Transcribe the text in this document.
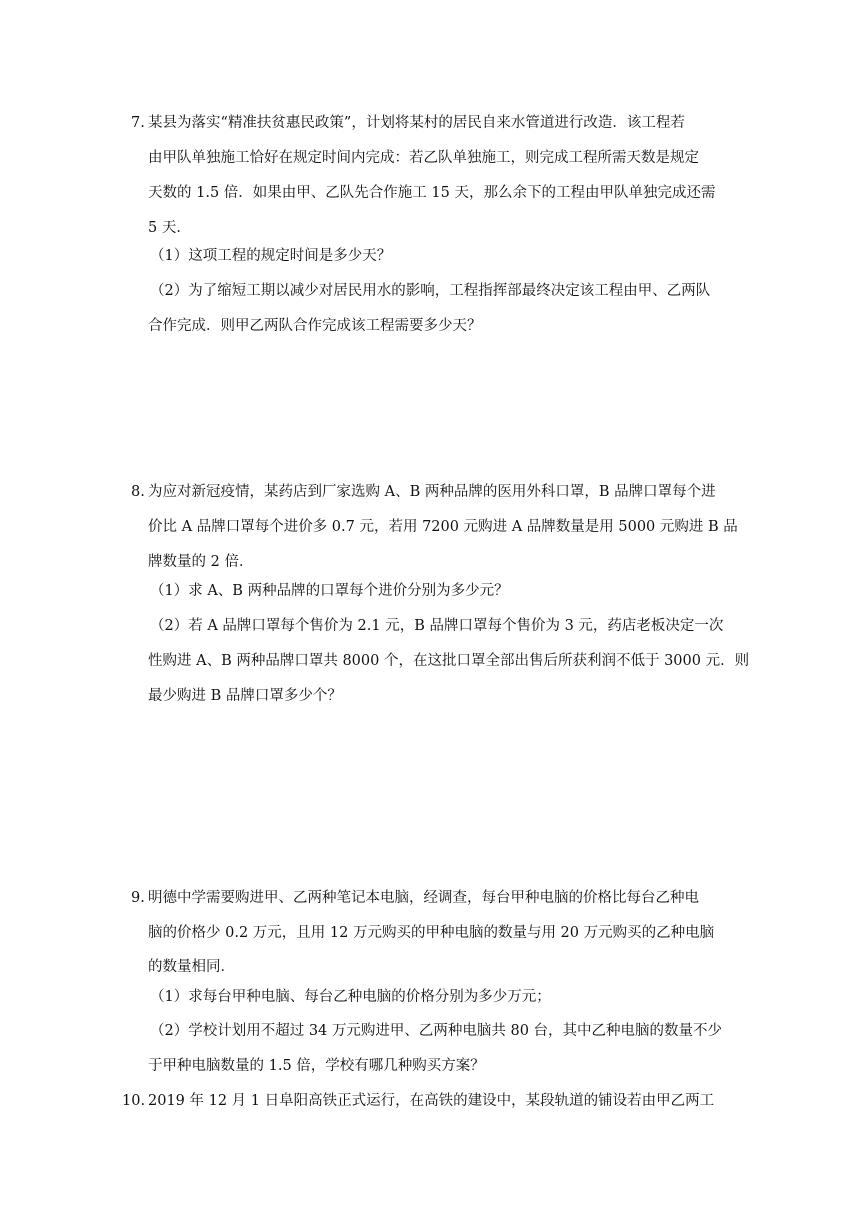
7. 某县为落实“精准扶贫惠民政策”，计划将某村的居民自来水管道进行改造．该工程若

由甲队单独施工恰好在规定时间内完成：若乙队单独施工，则完成工程所需天数是规定

天数的 1.5 倍．如果由甲、乙队先合作施工 15 天，那么余下的工程由甲队单独完成还需

5 天．

（1）这项工程的规定时间是多少天？

（2）为了缩短工期以减少对居民用水的影响，工程指挥部最终决定该工程由甲、乙两队

合作完成．则甲乙两队合作完成该工程需要多少天？

8. 为应对新冠疫情，某药店到厂家选购 A、B 两种品牌的医用外科口罩，B 品牌口罩每个进

价比 A 品牌口罩每个进价多 0.7 元，若用 7200 元购进 A 品牌数量是用 5000 元购进 B 品

牌数量的 2 倍．

（1）求 A、B 两种品牌的口罩每个进价分别为多少元？

（2）若 A 品牌口罩每个售价为 2.1 元，B 品牌口罩每个售价为 3 元，药店老板决定一次

性购进 A、B 两种品牌口罩共 8000 个，在这批口罩全部出售后所获利润不低于 3000 元．则

最少购进 B 品牌口罩多少个？

9. 明德中学需要购进甲、乙两种笔记本电脑，经调查，每台甲种电脑的价格比每台乙种电

脑的价格少 0.2 万元，且用 12 万元购买的甲种电脑的数量与用 20 万元购买的乙种电脑

的数量相同．

（1）求每台甲种电脑、每台乙种电脑的价格分别为多少万元；

（2）学校计划用不超过 34 万元购进甲、乙两种电脑共 80 台，其中乙种电脑的数量不少

于甲种电脑数量的 1.5 倍，学校有哪几种购买方案？

10. 2019 年 12 月 1 日阜阳高铁正式运行，在高铁的建设中，某段轨道的铺设若由甲乙两工
